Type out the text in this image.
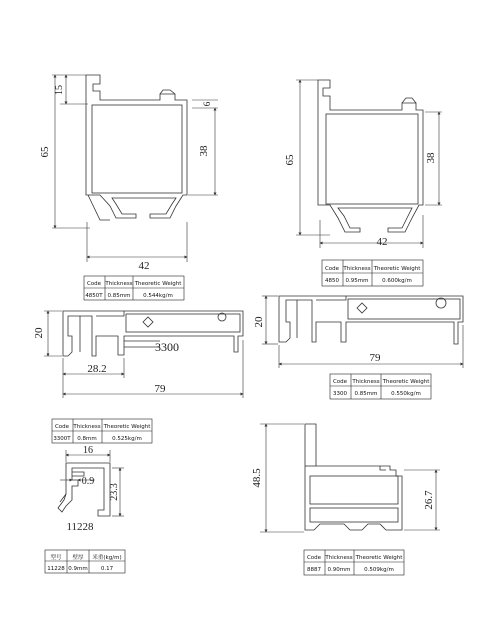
65
15
6
38
42
Code Thickness Theoretic Weight
4850T 0.85mm 0.544kg/m
65	38
42
Code Thickness Theoretic Weight
4850 0.95mm 0.600kg/m
20
3300
28.2
79
Code Thickness Theoretic Weight
3300T 0.8mm	0.525kg/m
20
79
Code Thickness Theoretic Weight
3300 0.85mm 0.550kg/m
16
0.9
23.3
11228
型号 壁厚 米重(kg/m)
11228 0.9mm 0.17
48.5
26.7
Code Thickness Theoretic Weight
8887 0.90mm 0.509kg/m
